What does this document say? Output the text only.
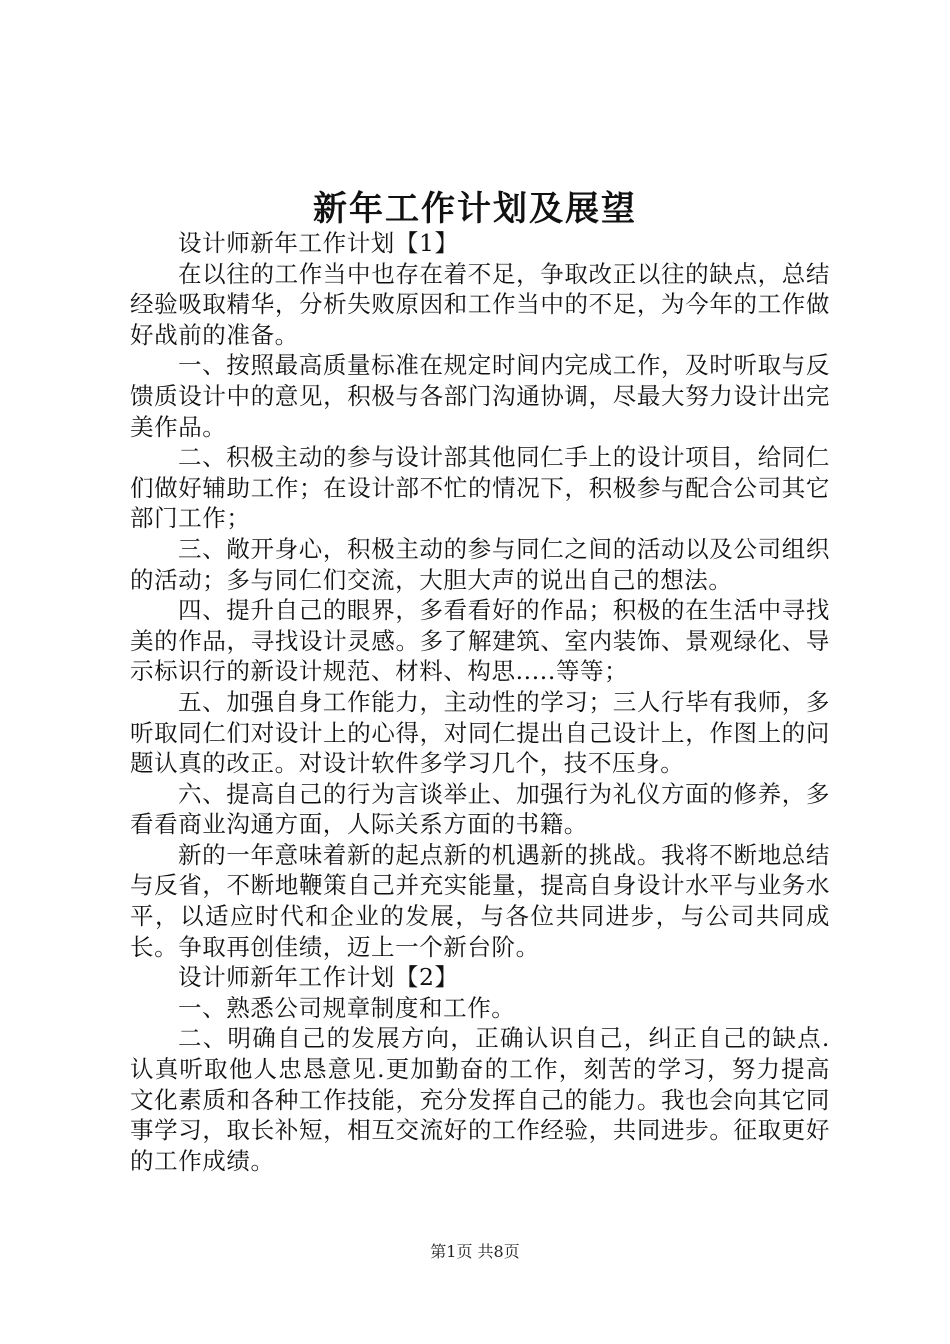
新年工作计划及展望

设计师新年工作计划【1】

在以往的工作当中也存在着不足，争取改正以往的缺点，总结经验吸取精华，分析失败原因和工作当中的不足，为今年的工作做好战前的准备。

一、按照最高质量标准在规定时间内完成工作，及时听取与反馈质设计中的意见，积极与各部门沟通协调，尽最大努力设计出完美作品。

二、积极主动的参与设计部其他同仁手上的设计项目，给同仁们做好辅助工作；在设计部不忙的情况下，积极参与配合公司其它部门工作；

三、敞开身心，积极主动的参与同仁之间的活动以及公司组织的活动；多与同仁们交流，大胆大声的说出自己的想法。

四、提升自己的眼界，多看看好的作品；积极的在生活中寻找美的作品，寻找设计灵感。多了解建筑、室内装饰、景观绿化、导示标识行的新设计规范、材料、构思.....等等；

五、加强自身工作能力，主动性的学习；三人行毕有我师，多听取同仁们对设计上的心得，对同仁提出自己设计上，作图上的问题认真的改正。对设计软件多学习几个，技不压身。

六、提高自己的行为言谈举止、加强行为礼仪方面的修养，多看看商业沟通方面，人际关系方面的书籍。

新的一年意味着新的起点新的机遇新的挑战。我将不断地总结与反省，不断地鞭策自己并充实能量，提高自身设计水平与业务水平，以适应时代和企业的发展，与各位共同进步，与公司共同成长。争取再创佳绩，迈上一个新台阶。

设计师新年工作计划【2】

一、熟悉公司规章制度和工作。

二、明确自己的发展方向，正确认识自己，纠正自己的缺点.认真听取他人忠恳意见.更加勤奋的工作，刻苦的学习，努力提高文化素质和各种工作技能，充分发挥自己的能力。我也会向其它同事学习，取长补短，相互交流好的工作经验，共同进步。征取更好的工作成绩。

第1页 共8页
